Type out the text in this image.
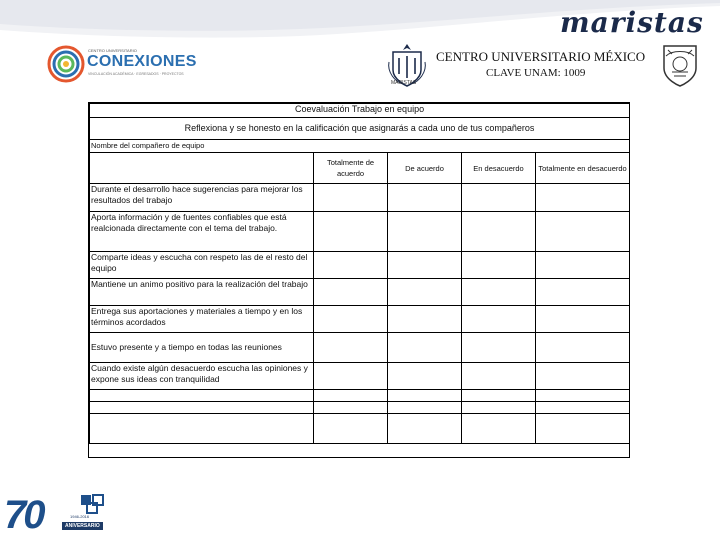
maristas
CENTRO UNIVERSITARIO
CONEXIONES
VINCULACIÓN ACADÉMICA · EGRESADOS · PROYECTOS
MARISTAS
CENTRO UNIVERSITARIO MÉXICO
CLAVE UNAM: 1009
Coevaluación Trabajo en equipo				
Reflexiona y se honesto en la calificación que asignarás a cada uno de tus compañeros				
Nombre del compañero de equipo				
	Totalmente de acuerdo	De acuerdo	En desacuerdo	Totalmente en desacuerdo
Durante el desarrollo hace sugerencias para mejorar los resultados del trabajo				
Aporta información y de fuentes confiables que está realcionada directamente con el tema del trabajo.				
Comparte ideas y escucha con respeto las de el resto del equipo				
Mantiene un animo positivo para la realización del trabajo				
Entrega sus aportaciones y materiales a tiempo y en los términos acordados				
Estuvo presente y a tiempo en todas las reuniones				
Cuando existe algún desacuerdo escucha las opiniones y expone sus ideas con tranquilidad				

70	1946-2016
ANIVERSARIO
